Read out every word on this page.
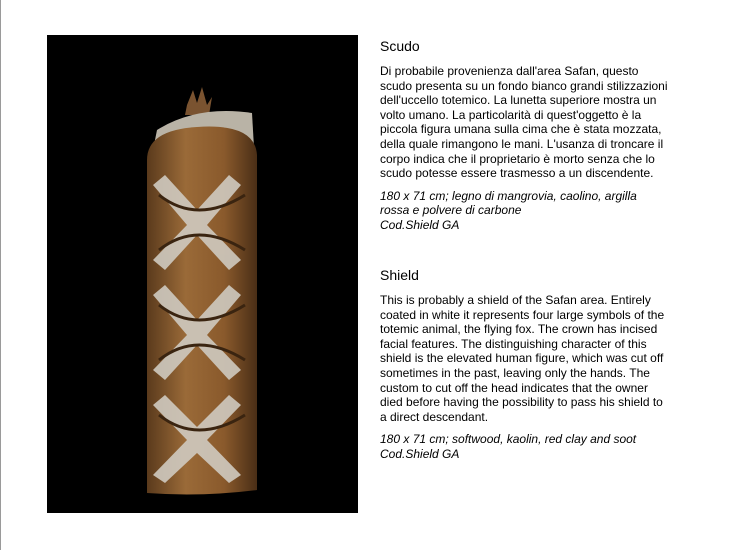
Scudo

Di probabile provenienza dall'area Safan, questo
scudo presenta su un fondo bianco grandi stilizzazioni
dell'uccello totemico. La lunetta superiore mostra un
volto umano. La particolarità di quest'oggetto è la
piccola figura umana sulla cima che è stata mozzata,
della quale rimangono le mani. L'usanza di troncare il
corpo indica che il proprietario è morto senza che lo
scudo potesse essere trasmesso a un discendente.

180 x 71 cm; legno di mangrovia, caolino, argilla
rossa e polvere di carbone
Cod.Shield GA

Shield

This is probably a shield of the Safan area. Entirely
coated in white it represents four large symbols of the
totemic animal, the flying fox. The crown has incised
facial features. The distinguishing character of this
shield is the elevated human figure, which was cut off
sometimes in the past, leaving only the hands. The
custom to cut off the head indicates that the owner
died before having the possibility to pass his shield to
a direct descendant.

180 x 71 cm; softwood, kaolin, red clay and soot
Cod.Shield GA
